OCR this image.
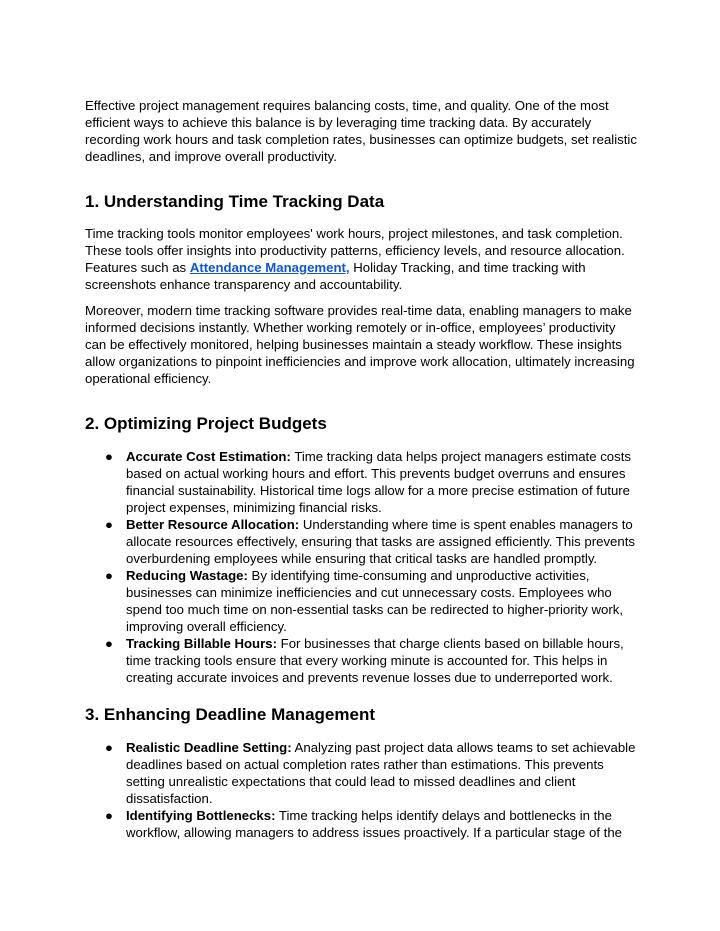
Effective project management requires balancing costs, time, and quality. One of the most efficient ways to achieve this balance is by leveraging time tracking data. By accurately recording work hours and task completion rates, businesses can optimize budgets, set realistic deadlines, and improve overall productivity.

1. Understanding Time Tracking Data

Time tracking tools monitor employees' work hours, project milestones, and task completion. These tools offer insights into productivity patterns, efficiency levels, and resource allocation. Features such as Attendance Management, Holiday Tracking, and time tracking with screenshots enhance transparency and accountability.

Moreover, modern time tracking software provides real-time data, enabling managers to make informed decisions instantly. Whether working remotely or in-office, employees’ productivity can be effectively monitored, helping businesses maintain a steady workflow. These insights allow organizations to pinpoint inefficiencies and improve work allocation, ultimately increasing operational efficiency.

2. Optimizing Project Budgets
● Accurate Cost Estimation: Time tracking data helps project managers estimate costs based on actual working hours and effort. This prevents budget overruns and ensures financial sustainability. Historical time logs allow for a more precise estimation of future project expenses, minimizing financial risks.
● Better Resource Allocation: Understanding where time is spent enables managers to allocate resources effectively, ensuring that tasks are assigned efficiently. This prevents overburdening employees while ensuring that critical tasks are handled promptly.
● Reducing Wastage: By identifying time-consuming and unproductive activities, businesses can minimize inefficiencies and cut unnecessary costs. Employees who spend too much time on non-essential tasks can be redirected to higher-priority work, improving overall efficiency.
● Tracking Billable Hours: For businesses that charge clients based on billable hours, time tracking tools ensure that every working minute is accounted for. This helps in creating accurate invoices and prevents revenue losses due to underreported work.
3. Enhancing Deadline Management
● Realistic Deadline Setting: Analyzing past project data allows teams to set achievable deadlines based on actual completion rates rather than estimations. This prevents setting unrealistic expectations that could lead to missed deadlines and client dissatisfaction.
● Identifying Bottlenecks: Time tracking helps identify delays and bottlenecks in the workflow, allowing managers to address issues proactively. If a particular stage of the
